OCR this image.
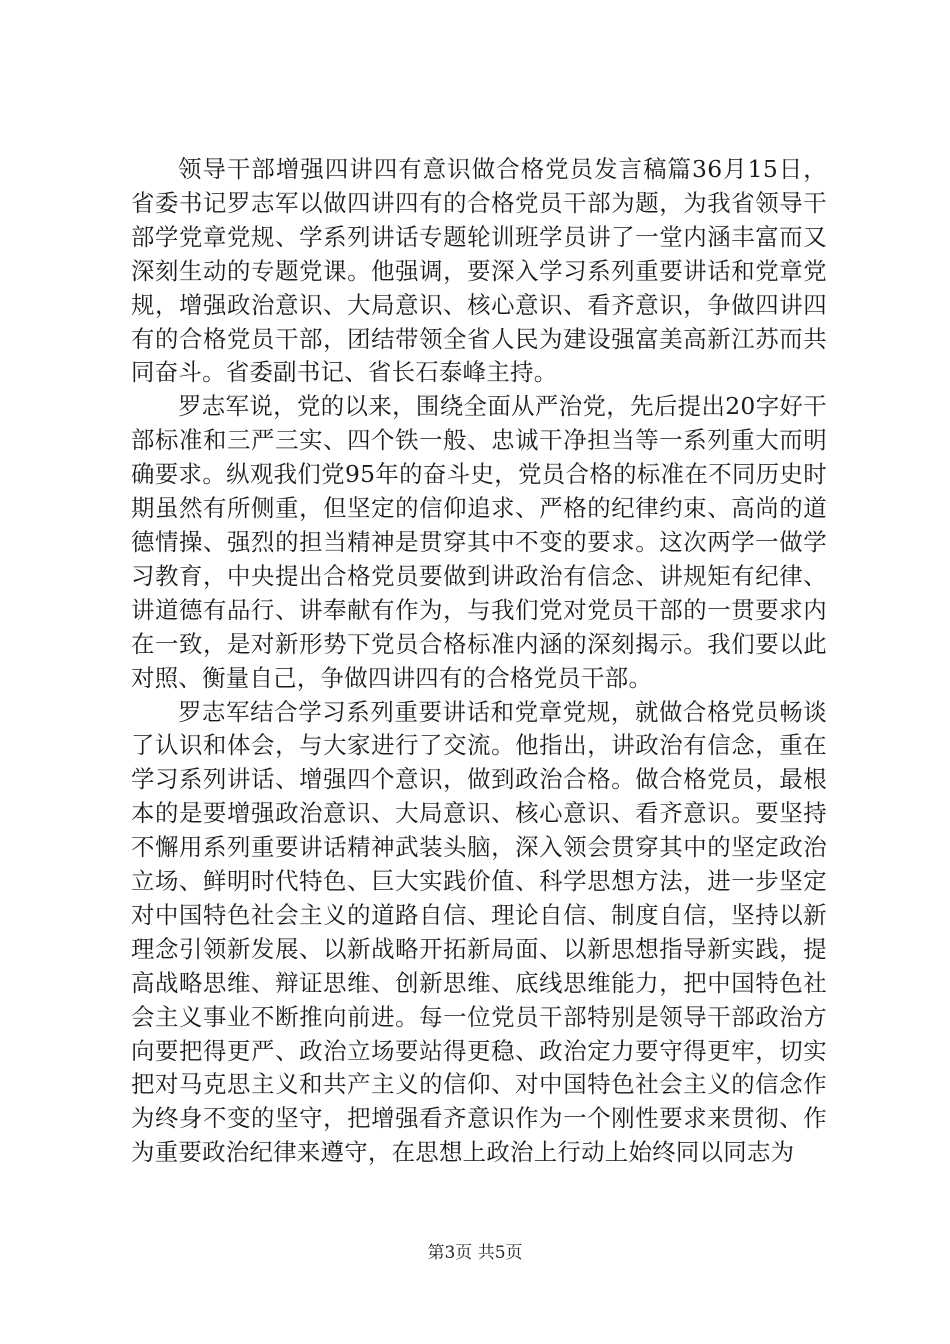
领导干部增强四讲四有意识做合格党员发言稿篇36月15日，省委书记罗志军以做四讲四有的合格党员干部为题，为我省领导干部学党章党规、学系列讲话专题轮训班学员讲了一堂内涵丰富而又深刻生动的专题党课。他强调，要深入学习系列重要讲话和党章党规，增强政治意识、大局意识、核心意识、看齐意识，争做四讲四有的合格党员干部，团结带领全省人民为建设强富美高新江苏而共同奋斗。省委副书记、省长石泰峰主持。

罗志军说，党的以来，围绕全面从严治党，先后提出20字好干部标准和三严三实、四个铁一般、忠诚干净担当等一系列重大而明确要求。纵观我们党95年的奋斗史，党员合格的标准在不同历史时期虽然有所侧重，但坚定的信仰追求、严格的纪律约束、高尚的道德情操、强烈的担当精神是贯穿其中不变的要求。这次两学一做学习教育，中央提出合格党员要做到讲政治有信念、讲规矩有纪律、讲道德有品行、讲奉献有作为，与我们党对党员干部的一贯要求内在一致，是对新形势下党员合格标准内涵的深刻揭示。我们要以此对照、衡量自己，争做四讲四有的合格党员干部。

罗志军结合学习系列重要讲话和党章党规，就做合格党员畅谈了认识和体会，与大家进行了交流。他指出，讲政治有信念，重在学习系列讲话、增强四个意识，做到政治合格。做合格党员，最根本的是要增强政治意识、大局意识、核心意识、看齐意识。要坚持不懈用系列重要讲话精神武装头脑，深入领会贯穿其中的坚定政治立场、鲜明时代特色、巨大实践价值、科学思想方法，进一步坚定对中国特色社会主义的道路自信、理论自信、制度自信，坚持以新理念引领新发展、以新战略开拓新局面、以新思想指导新实践，提高战略思维、辩证思维、创新思维、底线思维能力，把中国特色社会主义事业不断推向前进。每一位党员干部特别是领导干部政治方向要把得更严、政治立场要站得更稳、政治定力要守得更牢，切实把对马克思主义和共产主义的信仰、对中国特色社会主义的信念作为终身不变的坚守，把增强看齐意识作为一个刚性要求来贯彻、作为重要政治纪律来遵守，在思想上政治上行动上始终同以同志为

第3页 共5页
